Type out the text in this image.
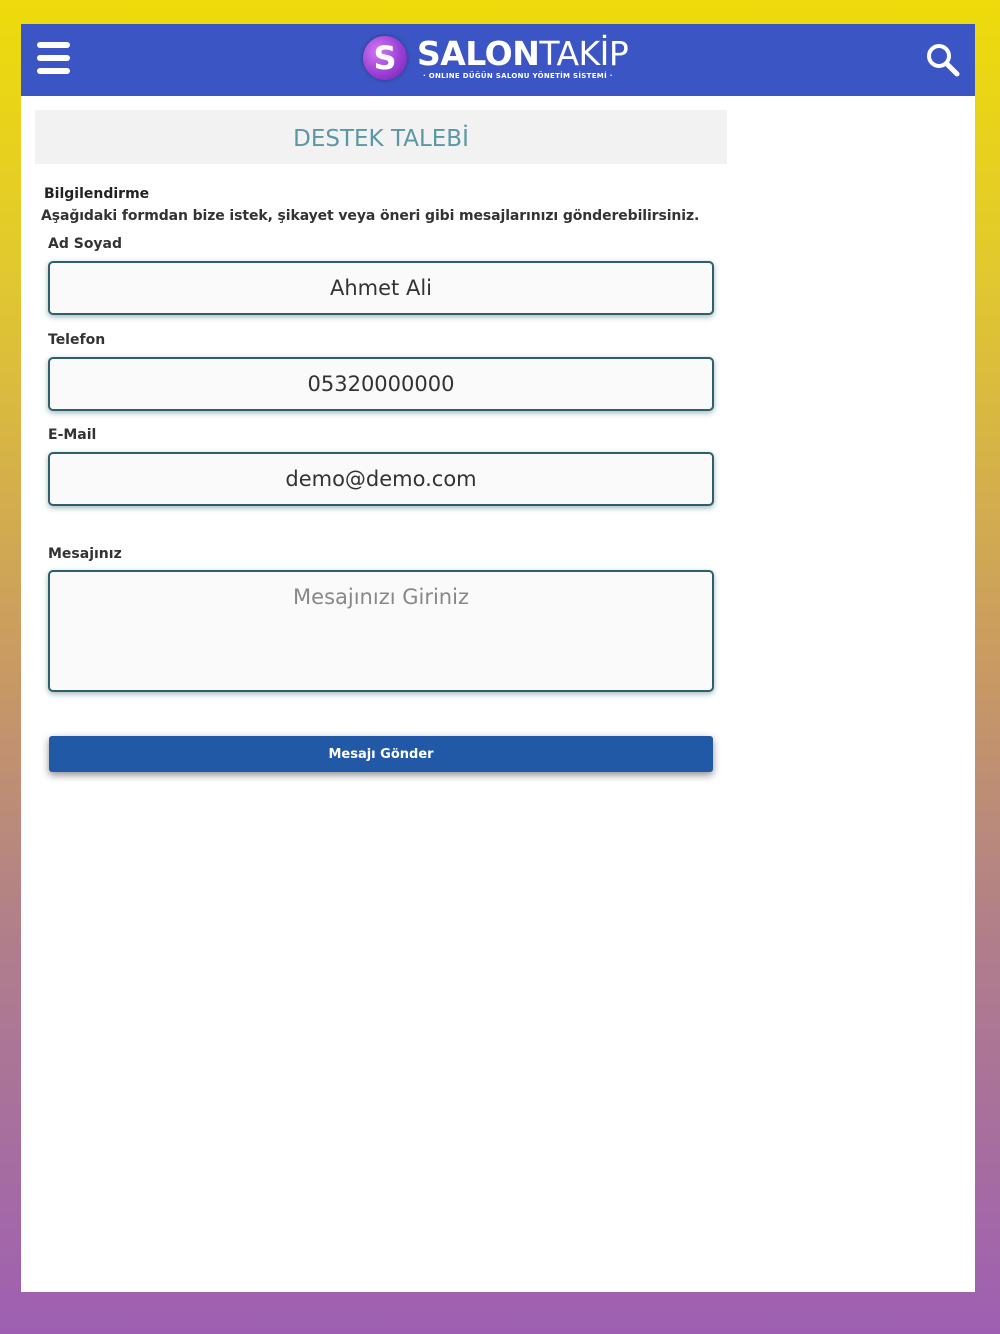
S SALONTAKİP
· ONLINE DÜĞÜN SALONU YÖNETİM SİSTEMİ ·
DESTEK TALEBİ
Bilgilendirme
Aşağıdaki formdan bize istek, şikayet veya öneri gibi mesajlarınızı gönderebilirsiniz.
Ad Soyad
Ahmet Ali
Telefon
05320000000
E-Mail
demo@demo.com
Mesajınız
Mesajınızı Giriniz
Mesajı Gönder
